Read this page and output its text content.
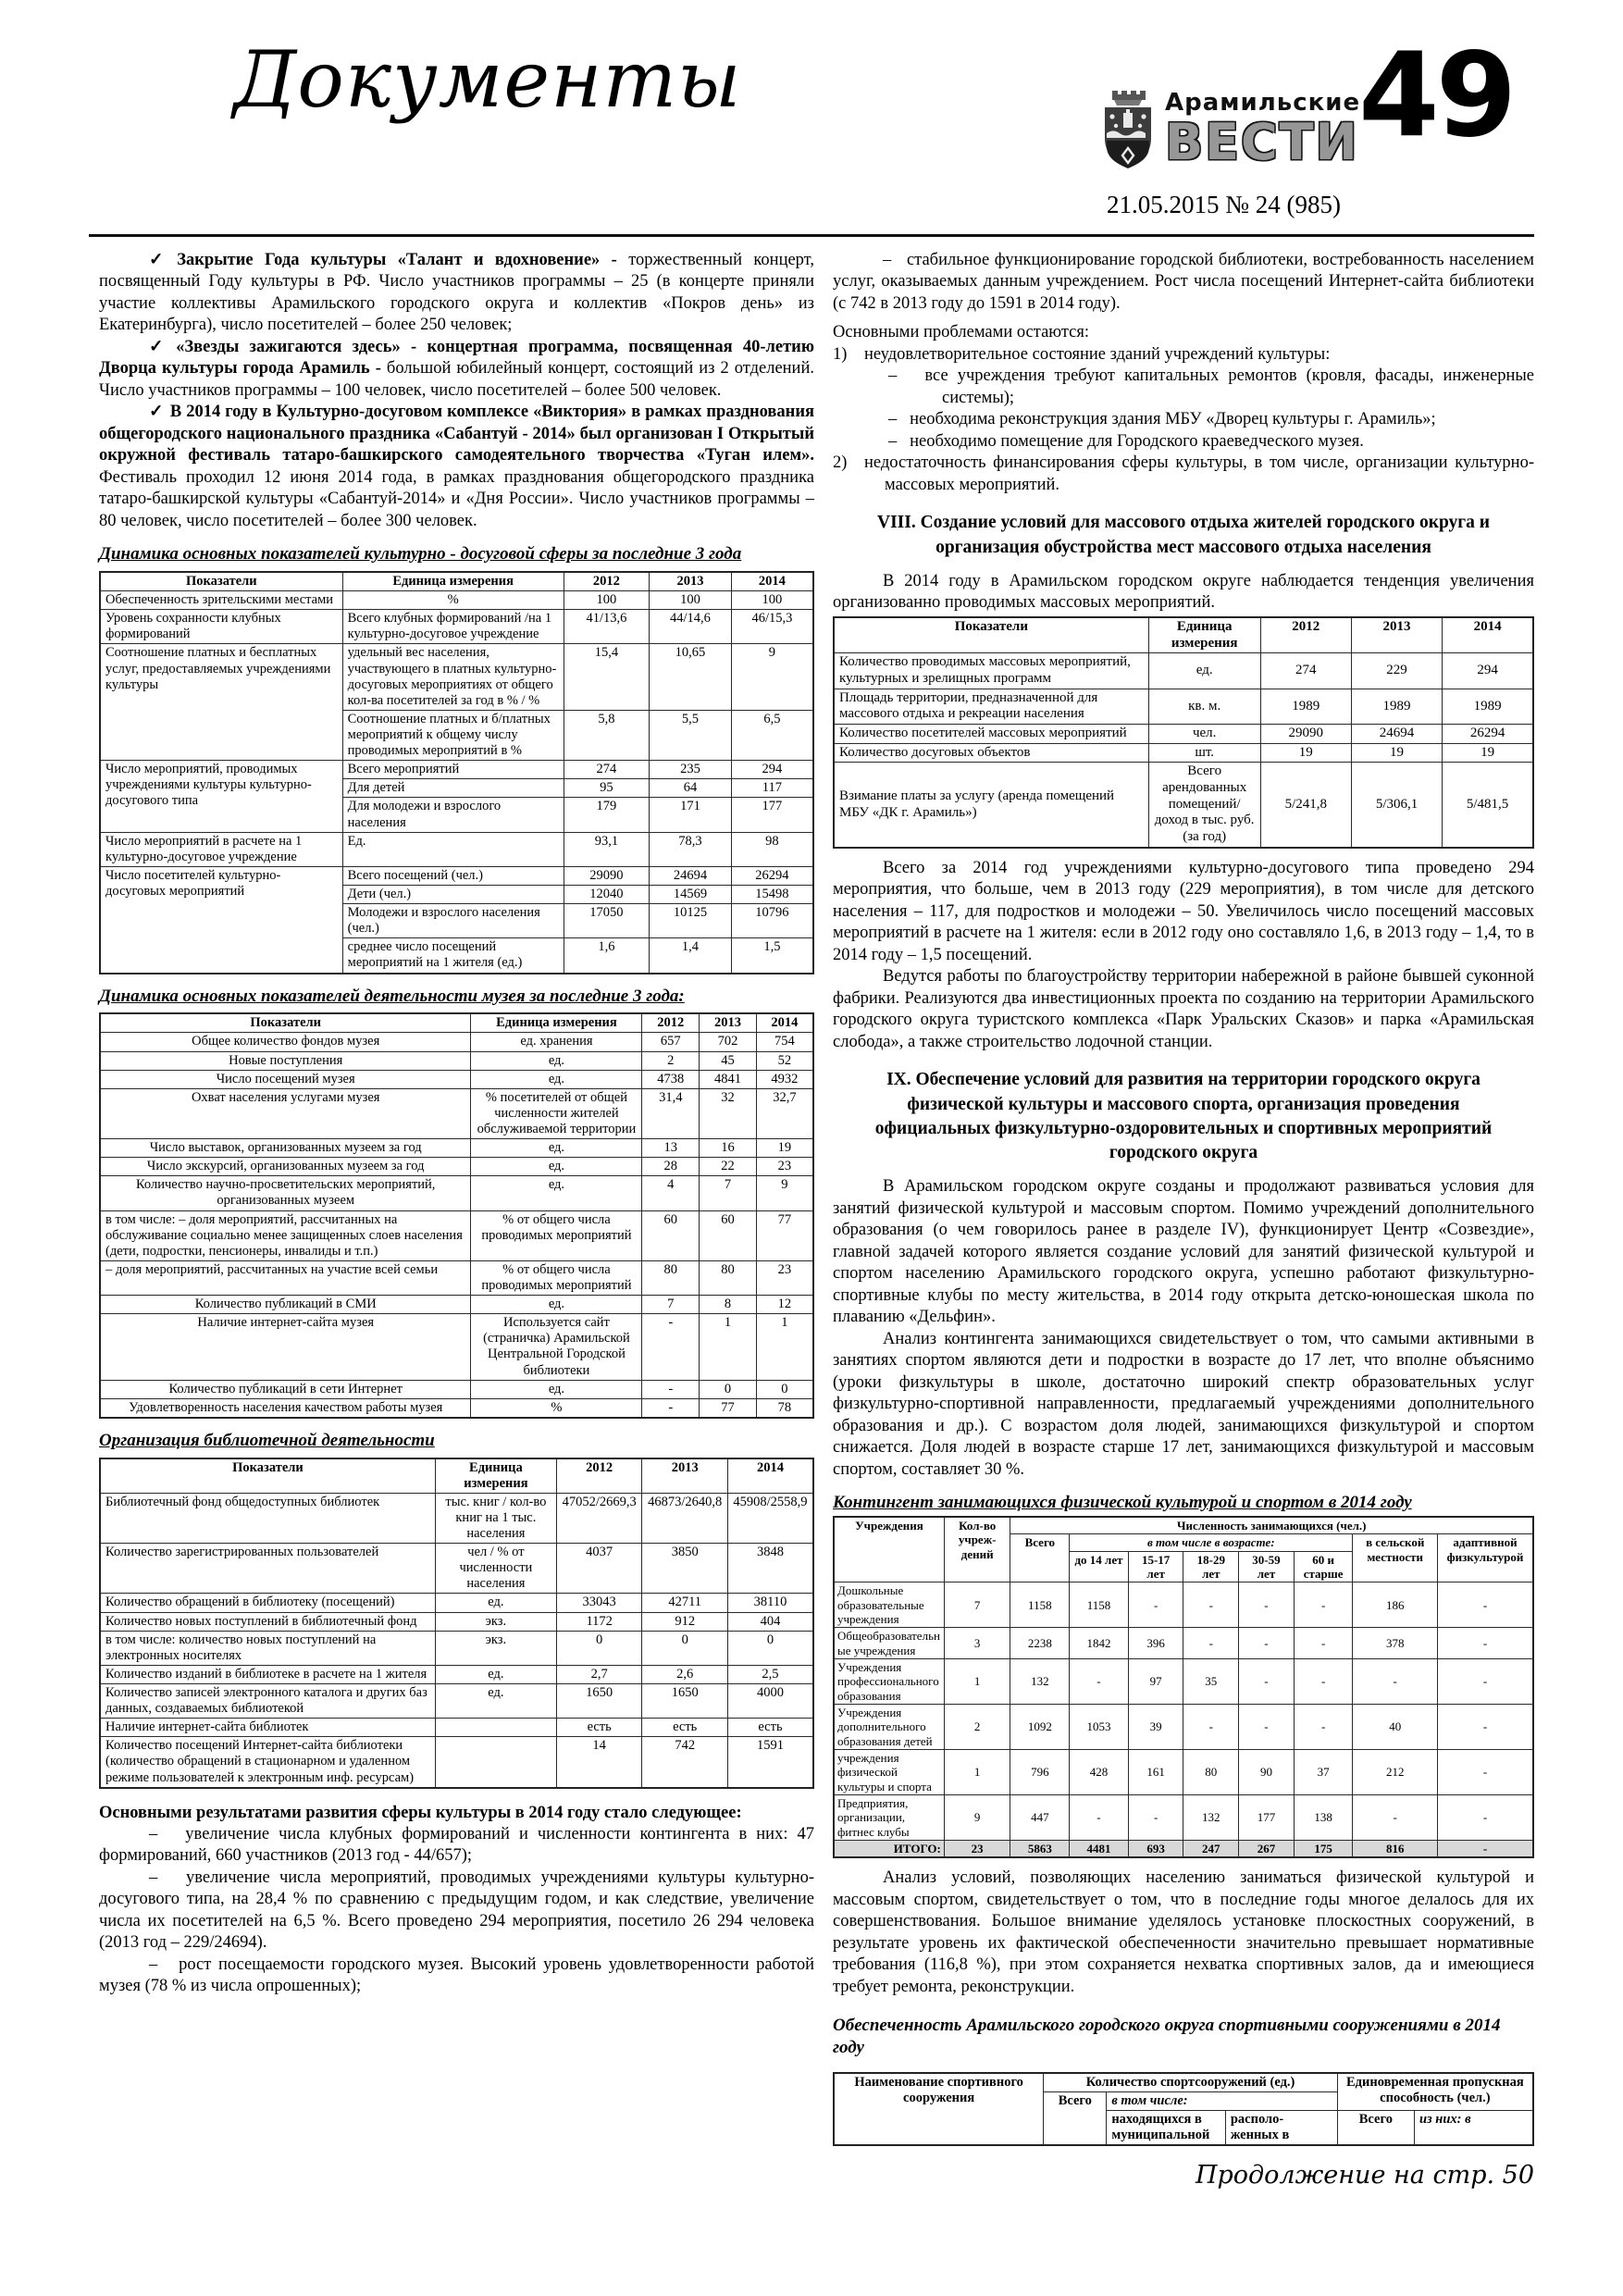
Документы	Арамильские
ВЕСТИ
21.05.2015 № 24 (985)
49

✓ Закрытие Года культуры «Талант и вдохновение» - торжественный концерт, посвященный Году культуры в РФ. Число участников программы – 25 (в концерте приняли участие коллективы Арамильского городского округа и коллектив «Покров день» из Екатеринбурга), число посетителей – более 250 человек;

✓ «Звезды зажигаются здесь» - концертная программа, посвященная 40-летию Дворца культуры города Арамиль - большой юбилейный концерт, состоящий из 2 отделений. Число участников программы – 100 человек, число посетителей – более 500 человек.

✓ В 2014 году в Культурно-досуговом комплексе «Виктория» в рамках празднования общегородского национального праздника «Сабантуй - 2014» был организован I Открытый окружной фестиваль татаро-башкирского самодеятельного творчества «Туган илем». Фестиваль проходил 12 июня 2014 года, в рамках празднования общегородского праздника татаро-башкирской культуры «Сабантуй-2014» и «Дня России». Число участников программы – 80 человек, число посетителей – более 300 человек.

Динамика основных показателей культурно - досуговой сферы за последние 3 года
Показатели	Единица измерения	2012	2013	2014
Обеспеченность зрительскими местами	%	100	100	100
Уровень сохранности клубных формирований	Всего клубных формирований /на 1 культурно-досуговое учреждение	41/13,6	44/14,6	46/15,3
Соотношение платных и бесплатных услуг, предоставляемых учреждениями культуры	удельный вес населения, участвующего в платных культурно-досуговых мероприятиях от общего кол-ва посетителей за год в % / %	15,4	10,65	9
	Соотношение платных и б/платных мероприятий к общему числу проводимых мероприятий в %	5,8	5,5	6,5
Число мероприятий, проводимых учреждениями культуры культурно-досугового типа	Всего мероприятий	274	235	294
	Для детей	95	64	117
	Для молодежи и взрослого населения	179	171	177
Число мероприятий в расчете на 1 культурно-досуговое учреждение	Ед.	93,1	78,3	98
Число посетителей культурно-досуговых мероприятий	Всего посещений (чел.)	29090	24694	26294
	Дети (чел.)	12040	14569	15498
	Молодежи и взрослого населения (чел.)	17050	10125	10796
	среднее число посещений мероприятий на 1 жителя (ед.)	1,6	1,4	1,5
Динамика основных показателей деятельности музея за последние 3 года:
Показатели	Единица измерения	2012	2013	2014
Общее количество фондов музея	ед. хранения	657	702	754
Новые поступления	ед.	2	45	52
Число посещений музея	ед.	4738	4841	4932
Охват населения услугами музея	% посетителей от общей численности жителей обслуживаемой территории	31,4	32	32,7
Число выставок, организованных музеем за год	ед.	13	16	19
Число экскурсий, организованных музеем за год	ед.	28	22	23
Количество научно-просветительских мероприятий, организованных музеем	ед.	4	7	9
в том числе: – доля мероприятий, рассчитанных на обслуживание социально менее защищенных слоев населения (дети, подростки, пенсионеры, инвалиды и т.п.)	% от общего числа проводимых мероприятий	60	60	77
– доля мероприятий, рассчитанных на участие всей семьи	% от общего числа проводимых мероприятий	80	80	23
Количество публикаций в СМИ	ед.	7	8	12
Наличие интернет-сайта музея	Используется сайт (страничка) Арамильской Центральной Городской библиотеки	-	1	1
Количество публикаций в сети Интернет	ед.	-	0	0
Удовлетворенность населения качеством работы музея	%	-	77	78
Организация библиотечной деятельности
Показатели	Единица измерения	2012	2013	2014
Библиотечный фонд общедоступных библиотек	тыс. книг / кол-во книг на 1 тыс. населения	47052/2669,3	46873/2640,8	45908/2558,9
Количество зарегистрированных пользователей	чел / % от численности населения	4037	3850	3848
Количество обращений в библиотеку (посещений)	ед.	33043	42711	38110
Количество новых поступлений в библиотечный фонд	экз.	1172	912	404
в том числе: количество новых поступлений на электронных носителях	экз.	0	0	0
Количество изданий в библиотеке в расчете на 1 жителя	ед.	2,7	2,6	2,5
Количество записей электронного каталога и других баз данных, создаваемых библиотекой	ед.	1650	1650	4000
Наличие интернет-сайта библиотек		есть	есть	есть
Количество посещений Интернет-сайта библиотеки (количество обращений в стационарном и удаленном режиме пользователей к электронным инф. ресурсам)		14	742	1591

Основными результатами развития сферы культуры в 2014 году стало следующее:

–   увеличение числа клубных формирований и численности контингента в них: 47 формирований, 660 участников (2013 год - 44/657);

–   увеличение числа мероприятий, проводимых учреждениями культуры культурно-досугового типа, на 28,4 % по сравнению с предыдущим годом, и как следствие, увеличение числа их посетителей на 6,5 %. Всего проведено 294 мероприятия, посетило 26 294 человека (2013 год – 229/24694).

–   рост посещаемости городского музея. Высокий уровень удовлетворенности работой музея (78 % из числа опрошенных);

–   стабильное функционирование городской библиотеки, востребованность населением услуг, оказываемых данным учреждением. Рост числа посещений Интернет-сайта библиотеки (с 742 в 2013 году до 1591 в 2014 году).

Основными проблемами остаются:

1) неудовлетворительное состояние зданий учреждений культуры:

–   все учреждения требуют капитальных ремонтов (кровля, фасады, инженерные системы);

–   необходима реконструкция здания МБУ «Дворец культуры г. Арамиль»;

–   необходимо помещение для Городского краеведческого музея.

2) недостаточность финансирования сферы культуры, в том числе, организации культурно-массовых мероприятий.

VIII. Создание условий для массового отдыха жителей городского округа и организация обустройства мест массового отдыха населения

В 2014 году в Арамильском городском округе наблюдается тенденция увеличения организованно проводимых массовых мероприятий.

Показатели	Единица измерения	2012	2013	2014
Количество проводимых массовых мероприятий, культурных и зрелищных программ	ед.	274	229	294
Площадь территории, предназначенной для массового отдыха и рекреации населения	кв. м.	1989	1989	1989
Количество посетителей массовых мероприятий	чел.	29090	24694	26294
Количество досуговых объектов	шт.	19	19	19
Взимание платы за услугу (аренда помещений МБУ «ДК г. Арамиль»)	Всего арендованных помещений/доход в тыс. руб. (за год)	5/241,8	5/306,1	5/481,5

Всего за 2014 год учреждениями культурно-досугового типа проведено 294 мероприятия, что больше, чем в 2013 году (229 мероприятия), в том числе для детского населения – 117, для подростков и молодежи – 50. Увеличилось число посещений массовых мероприятий в расчете на 1 жителя: если в 2012 году оно составляло 1,6, в 2013 году – 1,4, то в 2014 году – 1,5 посещений.

Ведутся работы по благоустройству территории набережной в районе бывшей суконной фабрики. Реализуются два инвестиционных проекта по созданию на территории Арамильского городского округа туристского комплекса «Парк Уральских Сказов» и парка «Арамильская слобода», а также строительство лодочной станции.

IX. Обеспечение условий для развития на территории городского округа физической культуры и массового спорта, организация проведения официальных физкультурно-оздоровительных и спортивных мероприятий городского округа

В Арамильском городском округе созданы и продолжают развиваться условия для занятий физической культурой и массовым спортом. Помимо учреждений дополнительного образования (о чем говорилось ранее в разделе IV), функционирует Центр «Созвездие», главной задачей которого является создание условий для занятий физической культурой и спортом населению Арамильского городского округа, успешно работают физкультурно-спортивные клубы по месту жительства, в 2014 году открыта детско-юношеская школа по плаванию «Дельфин».

Анализ контингента занимающихся свидетельствует о том, что самыми активными в занятиях спортом являются дети и подростки в возрасте до 17 лет, что вполне объяснимо (уроки физкультуры в школе, достаточно широкий спектр образовательных услуг физкультурно-спортивной направленности, предлагаемый учреждениями дополнительного образования и др.). С возрастом доля людей, занимающихся физкультурой и спортом снижается. Доля людей в возрасте старше 17 лет, занимающихся физкультурой и массовым спортом, составляет 30 %.

Контингент занимающихся физической культурой и спортом в 2014 году
Учреждения	Кол-во учреж- дений	Численность занимающихся (чел.)							
		Всего	в том числе в возрасте:					в сельской местности	адаптивной физкультурой
			до 14 лет	15-17 лет	18-29 лет	30-59 лет	60 и старше		
Дошкольные образовательные учреждения	7	1158	1158	-	-	-	-	186	-
Общеобразовательные учреждения	3	2238	1842	396	-	-	-	378	-
Учреждения профессионального образования	1	132	-	97	35	-	-	-	-
Учреждения дополнительного образования детей	2	1092	1053	39	-	-	-	40	-
учреждения физической культуры и спорта	1	796	428	161	80	90	37	212	-
Предприятия, организации, фитнес клубы	9	447	-	-	132	177	138	-	-
ИТОГО:	23	5863	4481	693	247	267	175	816	-

Анализ условий, позволяющих населению заниматься физической культурой и массовым спортом, свидетельствует о том, что в последние годы многое делалось для их совершенствования. Большое внимание уделялось установке плоскостных сооружений, в результате уровень их фактической обеспеченности значительно превышает нормативные требования (116,8 %), при этом сохраняется нехватка спортивных залов, да и имеющиеся требует ремонта, реконструкции.

Обеспеченность Арамильского городского округа спортивными сооружениями в 2014 году
Наименование спортивного сооружения	Количество спортсооружений (ед.)			Единовременная пропускная способность (чел.)	
	Всего	в том числе:			
		находящихся в муниципальной	располо- женных в	Всего	из них: в

Продолжение на стр. 50
